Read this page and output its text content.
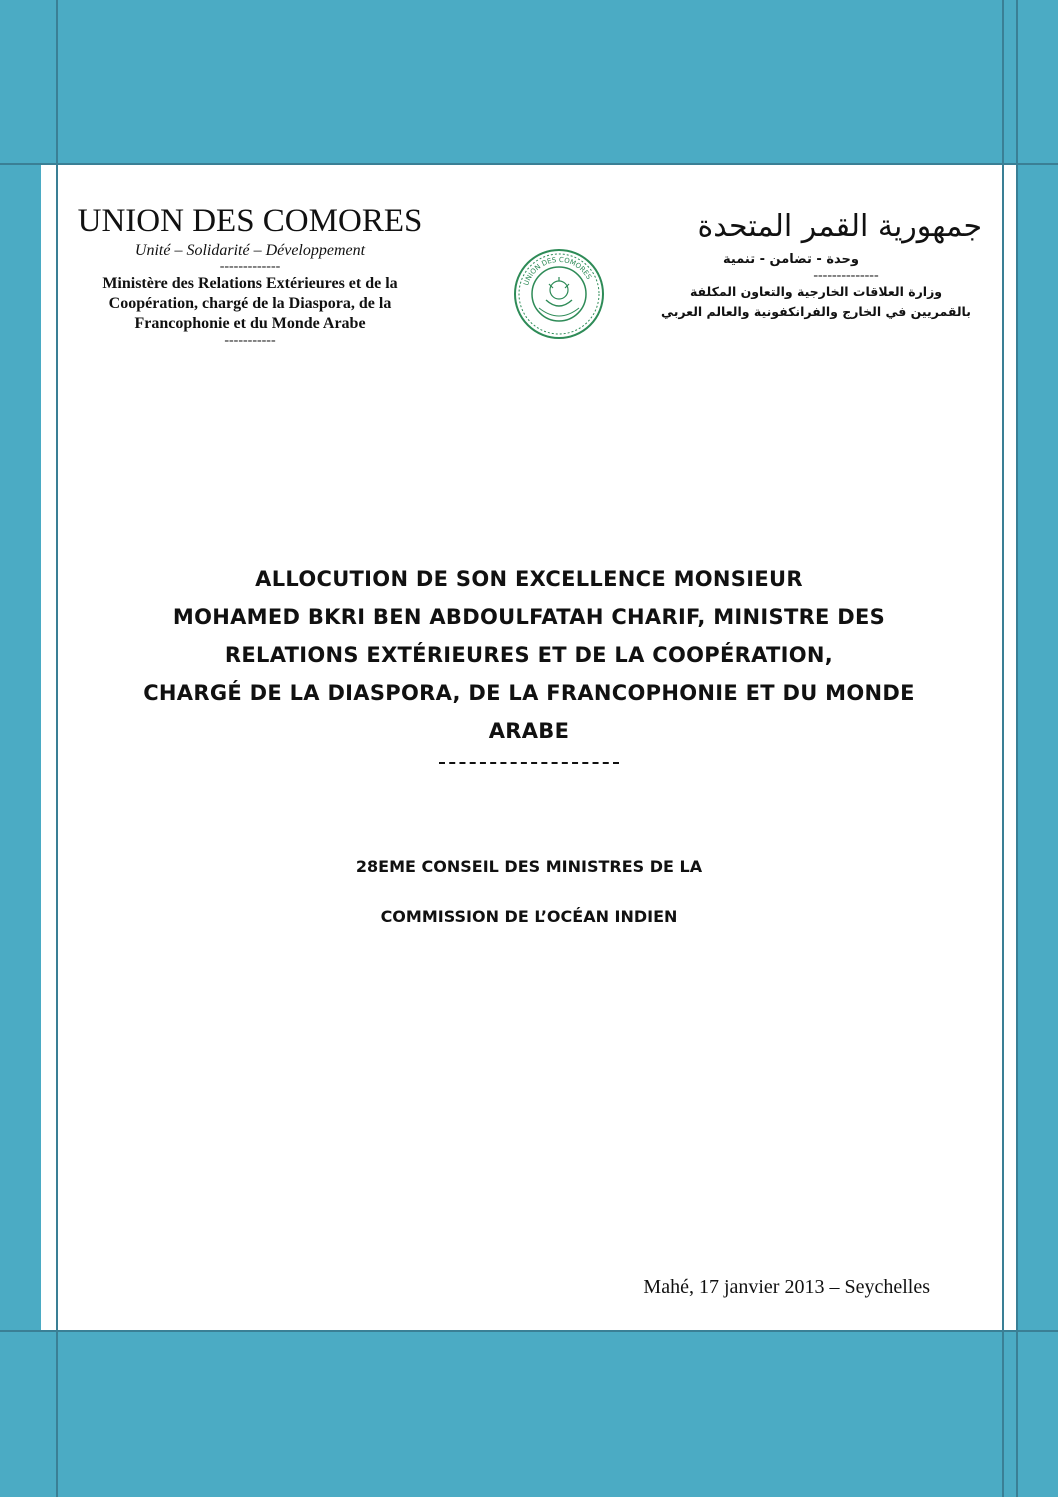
UNION DES COMORES
Unité – Solidarité – Développement
-------------
Ministère des Relations Extérieures et de la Coopération, chargé de la Diaspora, de la Francophonie et du Monde Arabe
-----------
UNION DES COMORES
جمهورية القمر المتحدة
وحدة - تضامن - تنمية
--------------
وزارة العلاقات الخارجية والتعاون المكلفة
بالقمريين في الخارج والفرانكفونية والعالم العربي
ALLOCUTION DE SON EXCELLENCE MONSIEUR
MOHAMED BKRI BEN ABDOULFATAH CHARIF, MINISTRE DES
RELATIONS EXTÉRIEURES ET DE LA COOPÉRATION,
CHARGÉ DE LA DIASPORA, DE LA FRANCOPHONIE ET DU MONDE
ARABE
28EME CONSEIL DES MINISTRES DE LA
COMMISSION DE L’OCÉAN INDIEN
Mahé, 17 janvier 2013 – Seychelles
